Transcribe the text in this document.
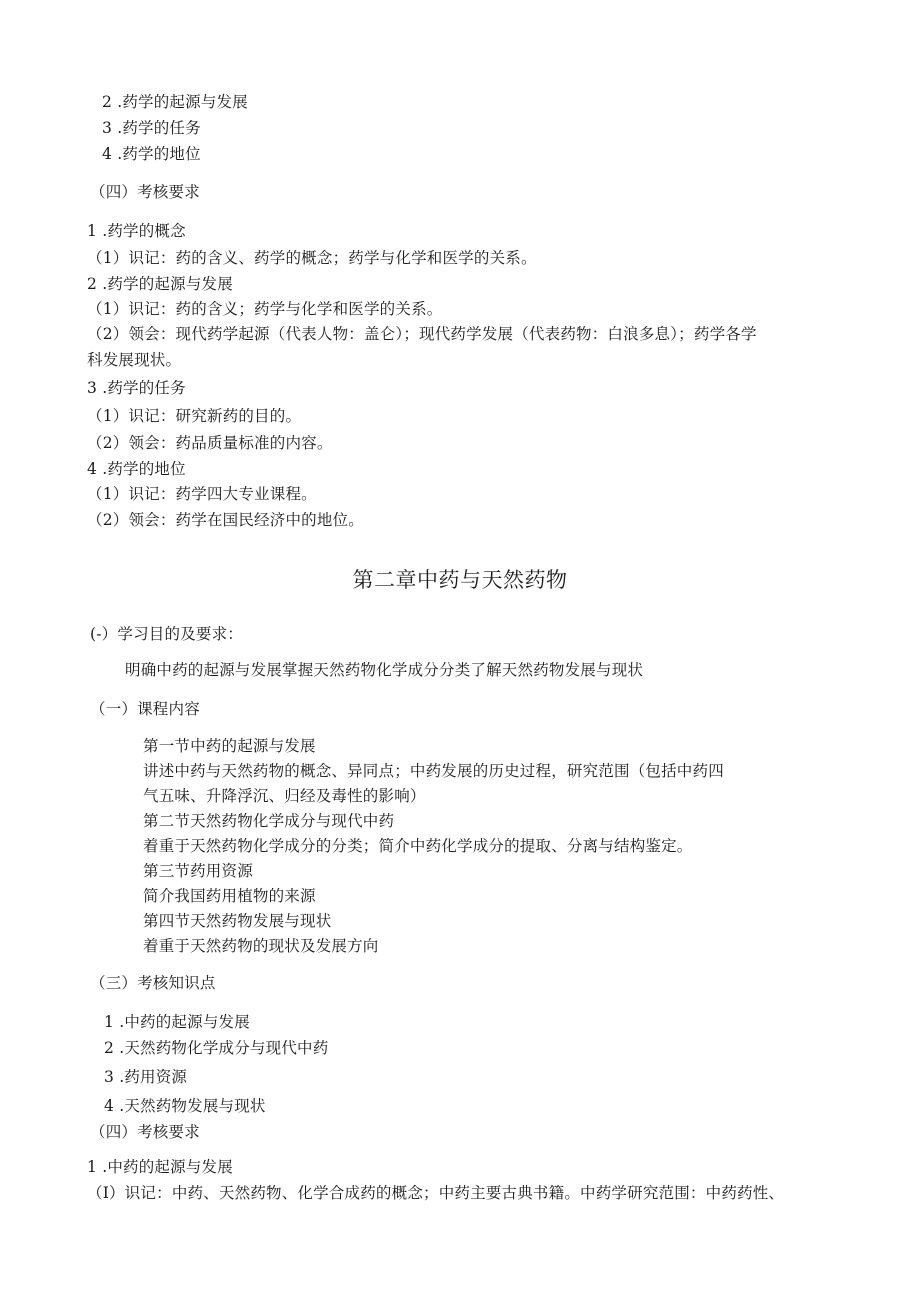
2 .药学的起源与发展
3 .药学的任务
4 .药学的地位
（四）考核要求
1 .药学的概念
（1）识记：药的含义、药学的概念；药学与化学和医学的关系。
2 .药学的起源与发展
（1）识记：药的含义；药学与化学和医学的关系。
（2）领会：现代药学起源（代表人物：盖仑）；现代药学发展（代表药物：白浪多息）；药学各学
科发展现状。
3 .药学的任务
（1）识记：研究新药的目的。
（2）领会：药品质量标准的内容。
4 .药学的地位
（1）识记：药学四大专业课程。
（2）领会：药学在国民经济中的地位。
第二章中药与天然药物
(-）学习目的及要求：
明确中药的起源与发展掌握天然药物化学成分分类了解天然药物发展与现状
（一）课程内容
第一节中药的起源与发展
讲述中药与天然药物的概念、异同点；中药发展的历史过程，研究范围（包括中药四
气五味、升降浮沉、归经及毒性的影响）
第二节天然药物化学成分与现代中药
着重于天然药物化学成分的分类；简介中药化学成分的提取、分离与结构鉴定。
第三节药用资源
简介我国药用植物的来源
第四节天然药物发展与现状
着重于天然药物的现状及发展方向
（三）考核知识点
1 .中药的起源与发展
2 .天然药物化学成分与现代中药
3 .药用资源
4 .天然药物发展与现状
（四）考核要求
1 .中药的起源与发展
（I）识记：中药、天然药物、化学合成药的概念；中药主要古典书籍。中药学研究范围：中药药性、
